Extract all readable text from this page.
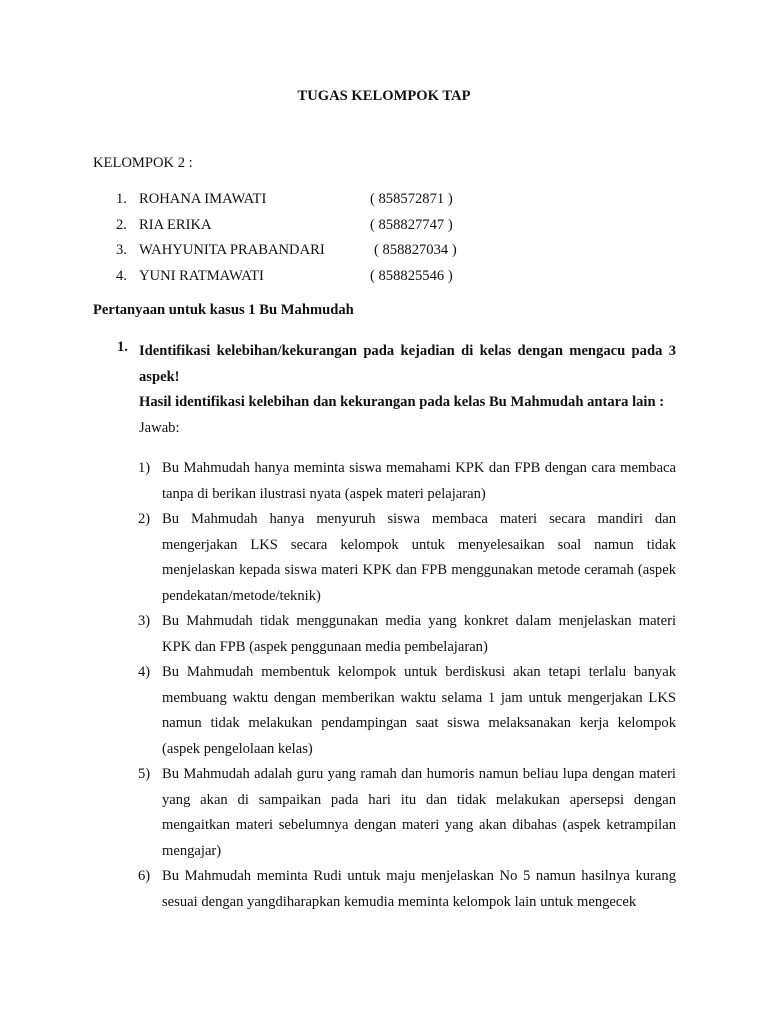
TUGAS KELOMPOK TAP
KELOMPOK 2 :
1. ROHANA IMAWATI	( 858572871 )
2. RIA ERIKA	( 858827747 )
3. WAHYUNITA PRABANDARI	( 858827034 )
4. YUNI RATMAWATI	( 858825546 )
Pertanyaan untuk kasus 1 Bu Mahmudah
1. Identifikasi kelebihan/kekurangan pada kejadian di kelas dengan mengacu pada 3 aspek!
Hasil identifikasi kelebihan dan kekurangan pada kelas Bu Mahmudah antara lain :
Jawab:
1) Bu Mahmudah hanya meminta siswa memahami KPK dan FPB dengan cara membaca tanpa di berikan ilustrasi nyata (aspek materi pelajaran)
2) Bu Mahmudah hanya menyuruh siswa membaca materi secara mandiri dan mengerjakan LKS secara kelompok untuk menyelesaikan soal namun tidak menjelaskan kepada siswa materi KPK dan FPB menggunakan metode ceramah (aspek pendekatan/metode/teknik)
3) Bu Mahmudah tidak menggunakan media yang konkret dalam menjelaskan materi KPK dan FPB (aspek penggunaan media pembelajaran)
4) Bu Mahmudah membentuk kelompok untuk berdiskusi akan tetapi terlalu banyak membuang waktu dengan memberikan waktu selama 1 jam untuk mengerjakan LKS namun tidak melakukan pendampingan saat siswa melaksanakan kerja kelompok (aspek pengelolaan kelas)
5) Bu Mahmudah adalah guru yang ramah dan humoris namun beliau lupa dengan materi yang akan di sampaikan pada hari itu dan tidak melakukan apersepsi dengan mengaitkan materi sebelumnya dengan materi yang akan dibahas (aspek ketrampilan mengajar)
6) Bu Mahmudah meminta Rudi untuk maju menjelaskan No 5 namun hasilnya kurang sesuai dengan yangdiharapkan kemudia meminta kelompok lain untuk mengecek
